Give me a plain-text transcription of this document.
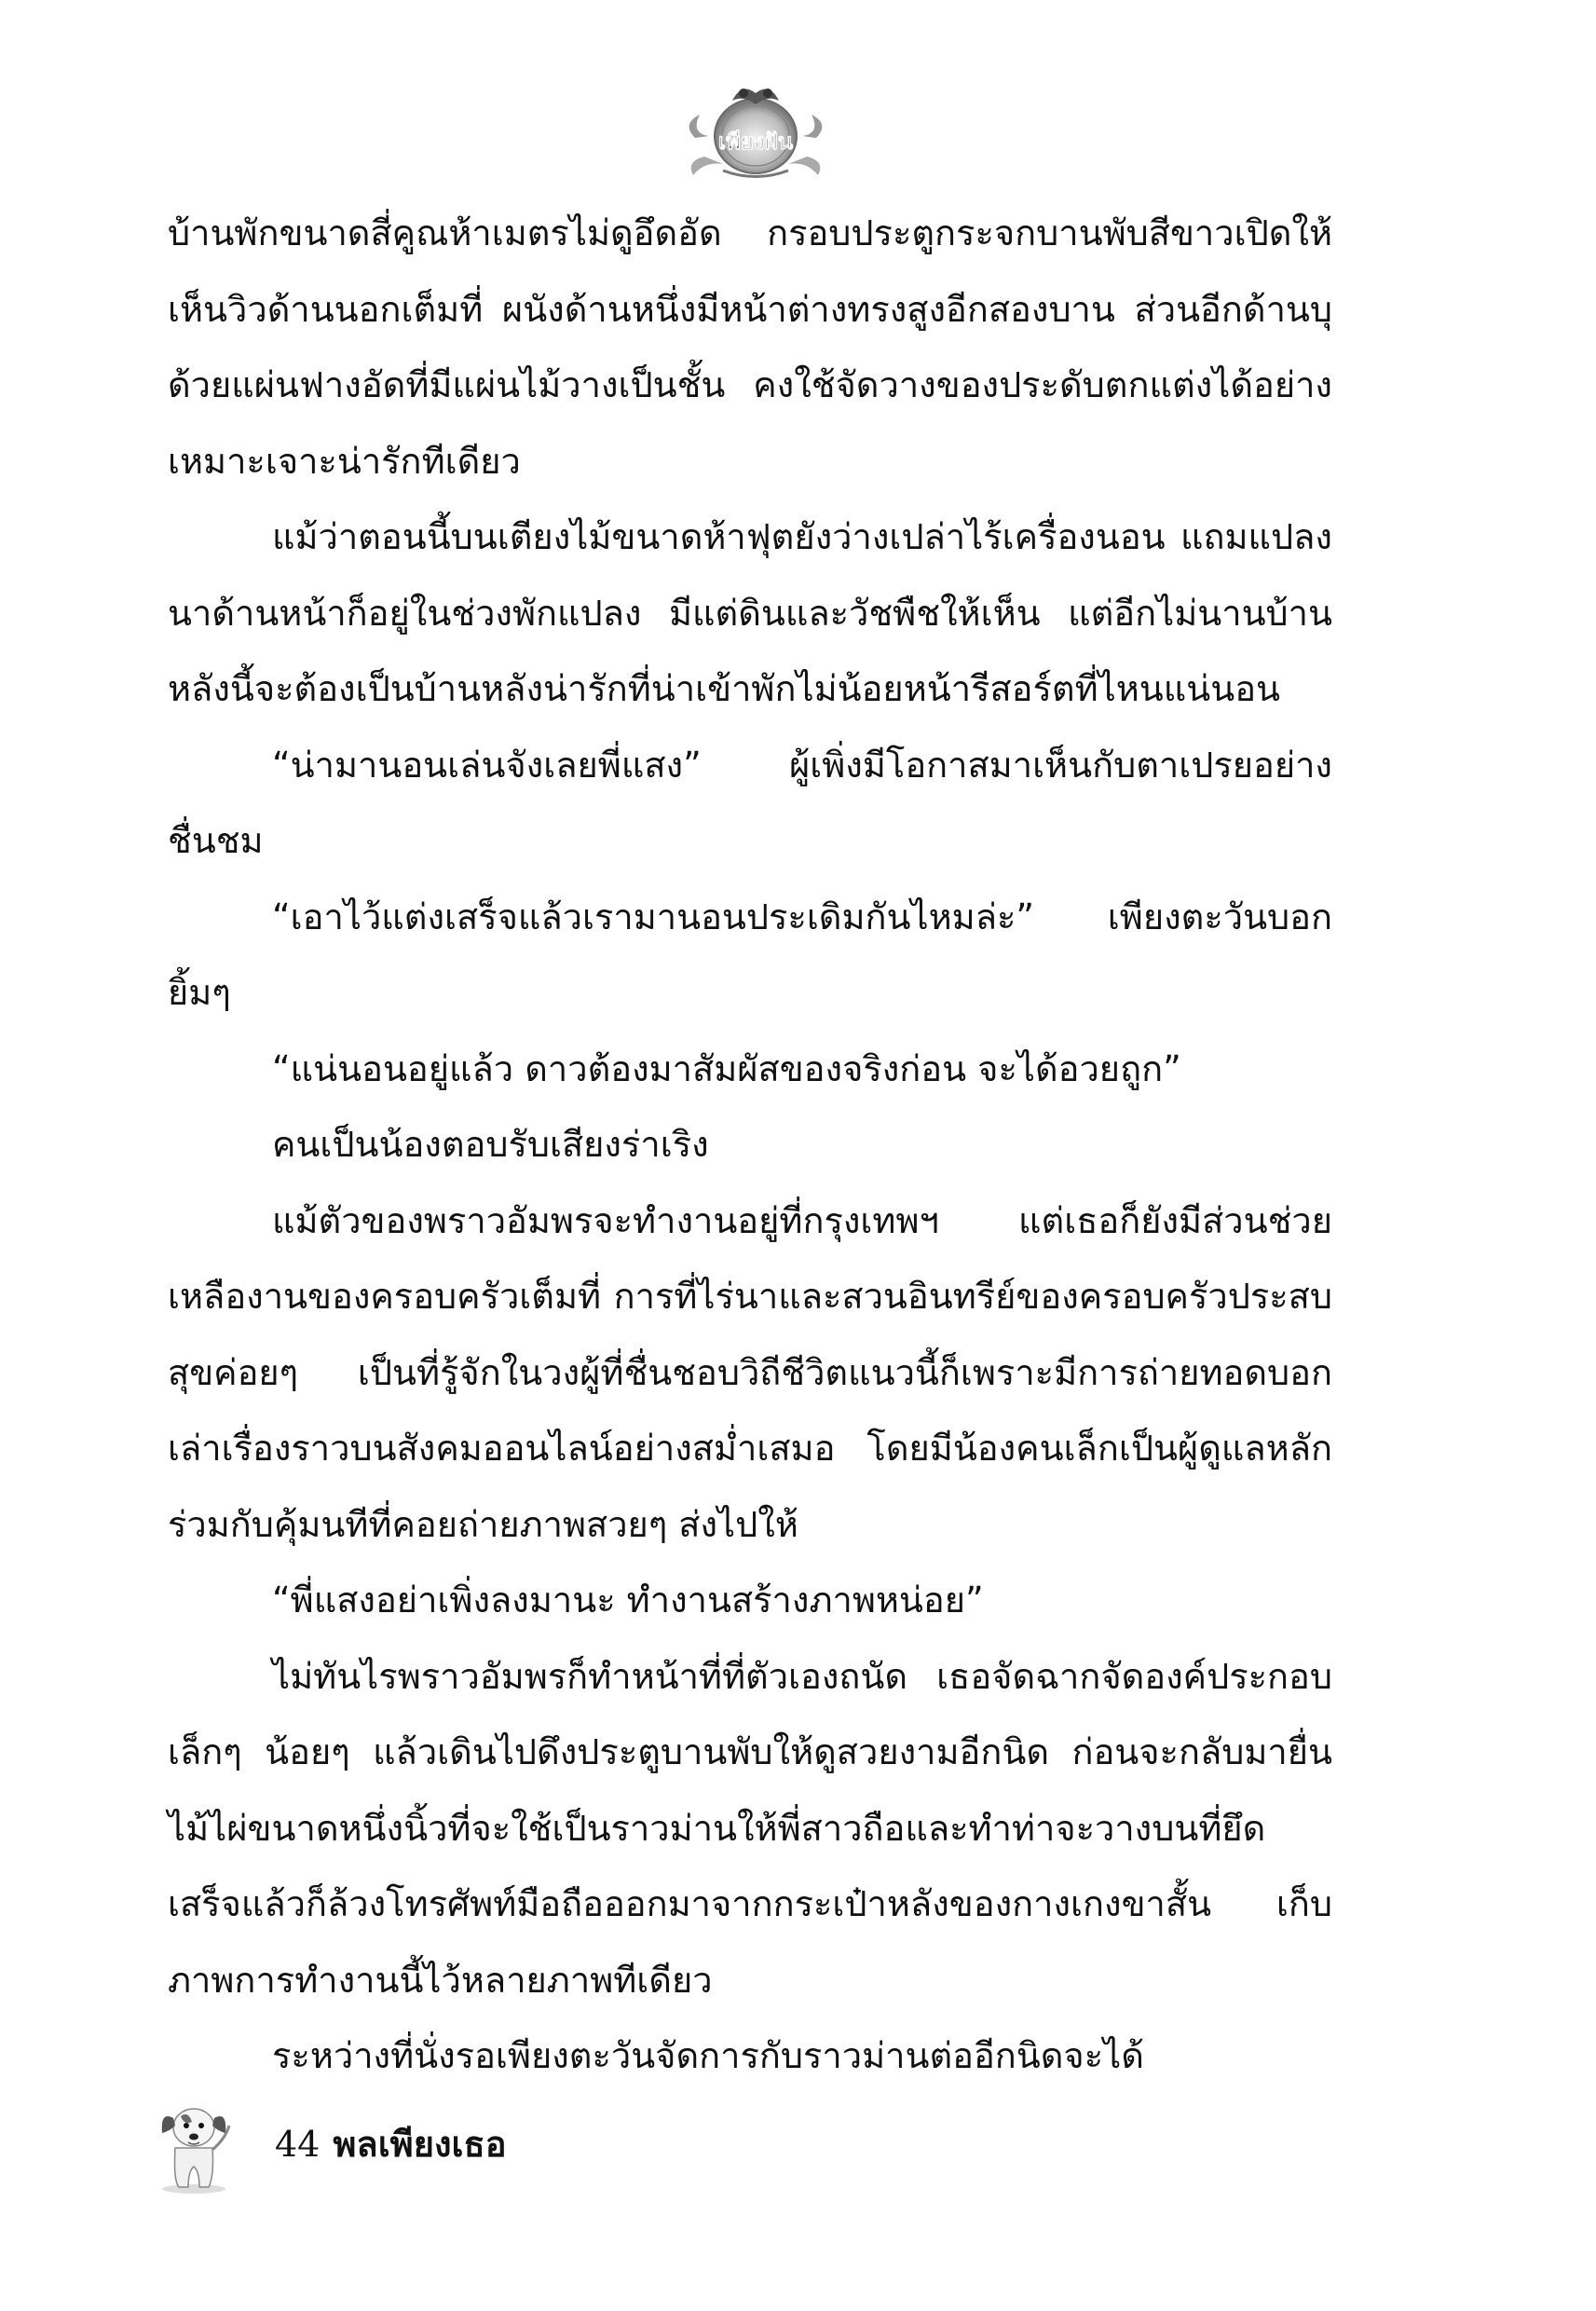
เพียงฝัน

บ้านพักขนาดสี่คูณห้าเมตรไม่ดูอึดอัด กรอบประตูกระจกบานพับสีขาวเปิดให้เห็นวิวด้านนอกเต็มที่ ผนังด้านหนึ่งมีหน้าต่างทรงสูงอีกสองบาน ส่วนอีกด้านบุด้วยแผ่นฟางอัดที่มีแผ่นไม้วางเป็นชั้น คงใช้จัดวางของประดับตกแต่งได้อย่างเหมาะเจาะน่ารักทีเดียว

แม้ว่าตอนนี้บนเตียงไม้ขนาดห้าฟุตยังว่างเปล่าไร้เครื่องนอน แถมแปลงนาด้านหน้าก็อยู่ในช่วงพักแปลง มีแต่ดินและวัชพืชให้เห็น แต่อีกไม่นานบ้านหลังนี้จะต้องเป็นบ้านหลังน่ารักที่น่าเข้าพักไม่น้อยหน้ารีสอร์ตที่ไหนแน่นอน

“น่ามานอนเล่นจังเลยพี่แสง” ผู้เพิ่งมีโอกาสมาเห็นกับตาเปรยอย่างชื่นชม

“เอาไว้แต่งเสร็จแล้วเรามานอนประเดิมกันไหมล่ะ” เพียงตะวันบอกยิ้มๆ

“แน่นอนอยู่แล้ว ดาวต้องมาสัมผัสของจริงก่อน จะได้อวยถูก”

คนเป็นน้องตอบรับเสียงร่าเริง

แม้ตัวของพราวอัมพรจะทำงานอยู่ที่กรุงเทพฯ แต่เธอก็ยังมีส่วนช่วยเหลืองานของครอบครัวเต็มที่ การที่ไร่นาและสวนอินทรีย์ของครอบครัวประสบสุขค่อยๆ เป็นที่รู้จักในวงผู้ที่ชื่นชอบวิถีชีวิตแนวนี้ก็เพราะมีการถ่ายทอดบอกเล่าเรื่องราวบนสังคมออนไลน์อย่างสม่ำเสมอ โดยมีน้องคนเล็กเป็นผู้ดูแลหลัก ร่วมกับคุ้มนทีที่คอยถ่ายภาพสวยๆ ส่งไปให้

“พี่แสงอย่าเพิ่งลงมานะ ทำงานสร้างภาพหน่อย”

ไม่ทันไรพราวอัมพรก็ทำหน้าที่ที่ตัวเองถนัด เธอจัดฉากจัดองค์ประกอบเล็กๆ น้อยๆ แล้วเดินไปดึงประตูบานพับให้ดูสวยงามอีกนิด ก่อนจะกลับมายื่นไม้ไผ่ขนาดหนึ่งนิ้วที่จะใช้เป็นราวม่านให้พี่สาวถือและทำท่าจะวางบนที่ยึด เสร็จแล้วก็ล้วงโทรศัพท์มือถือออกมาจากกระเป๋าหลังของกางเกงขาสั้น เก็บภาพการทำงานนี้ไว้หลายภาพทีเดียว

ระหว่างที่นั่งรอเพียงตะวันจัดการกับราวม่านต่ออีกนิดจะได้

44 พลเพียงเธอ
